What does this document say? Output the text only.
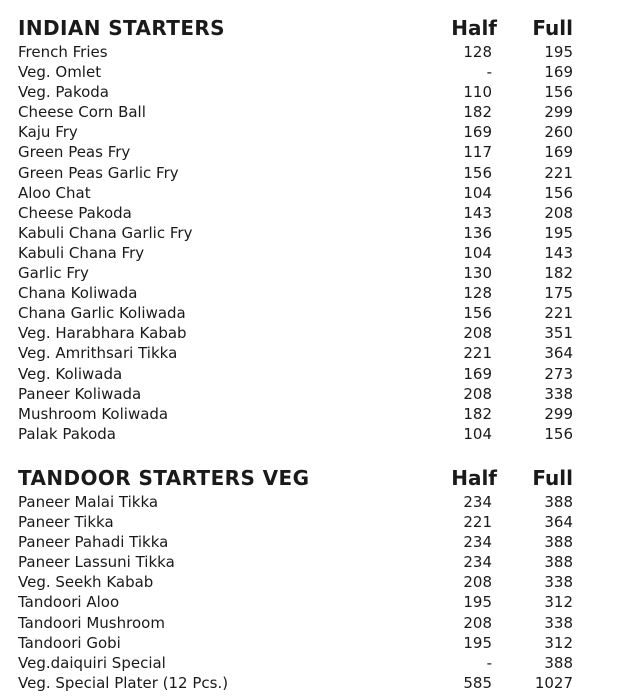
INDIAN STARTERS	Half Full
French Fries	128	195
Veg. Omlet	-	169
Veg. Pakoda	110	156
Cheese Corn Ball	182	299
Kaju Fry	169	260
Green Peas Fry	117	169
Green Peas Garlic Fry	156	221
Aloo Chat	104	156
Cheese Pakoda	143	208
Kabuli Chana Garlic Fry	136	195
Kabuli Chana Fry	104	143
Garlic Fry	130	182
Chana Koliwada	128	175
Chana Garlic Koliwada	156	221
Veg. Harabhara Kabab	208	351
Veg. Amrithsari Tikka	221	364
Veg. Koliwada	169	273
Paneer Koliwada	208	338
Mushroom Koliwada	182	299
Palak Pakoda	104	156
TANDOOR STARTERS VEG	Half Full
Paneer Malai Tikka	234	388
Paneer Tikka	221	364
Paneer Pahadi Tikka	234	388
Paneer Lassuni Tikka	234	388
Veg. Seekh Kabab	208	338
Tandoori Aloo	195	312
Tandoori Mushroom	208	338
Tandoori Gobi	195	312
Veg.daiquiri Special	-	388
Veg. Special Plater (12 Pcs.)	585	1027
